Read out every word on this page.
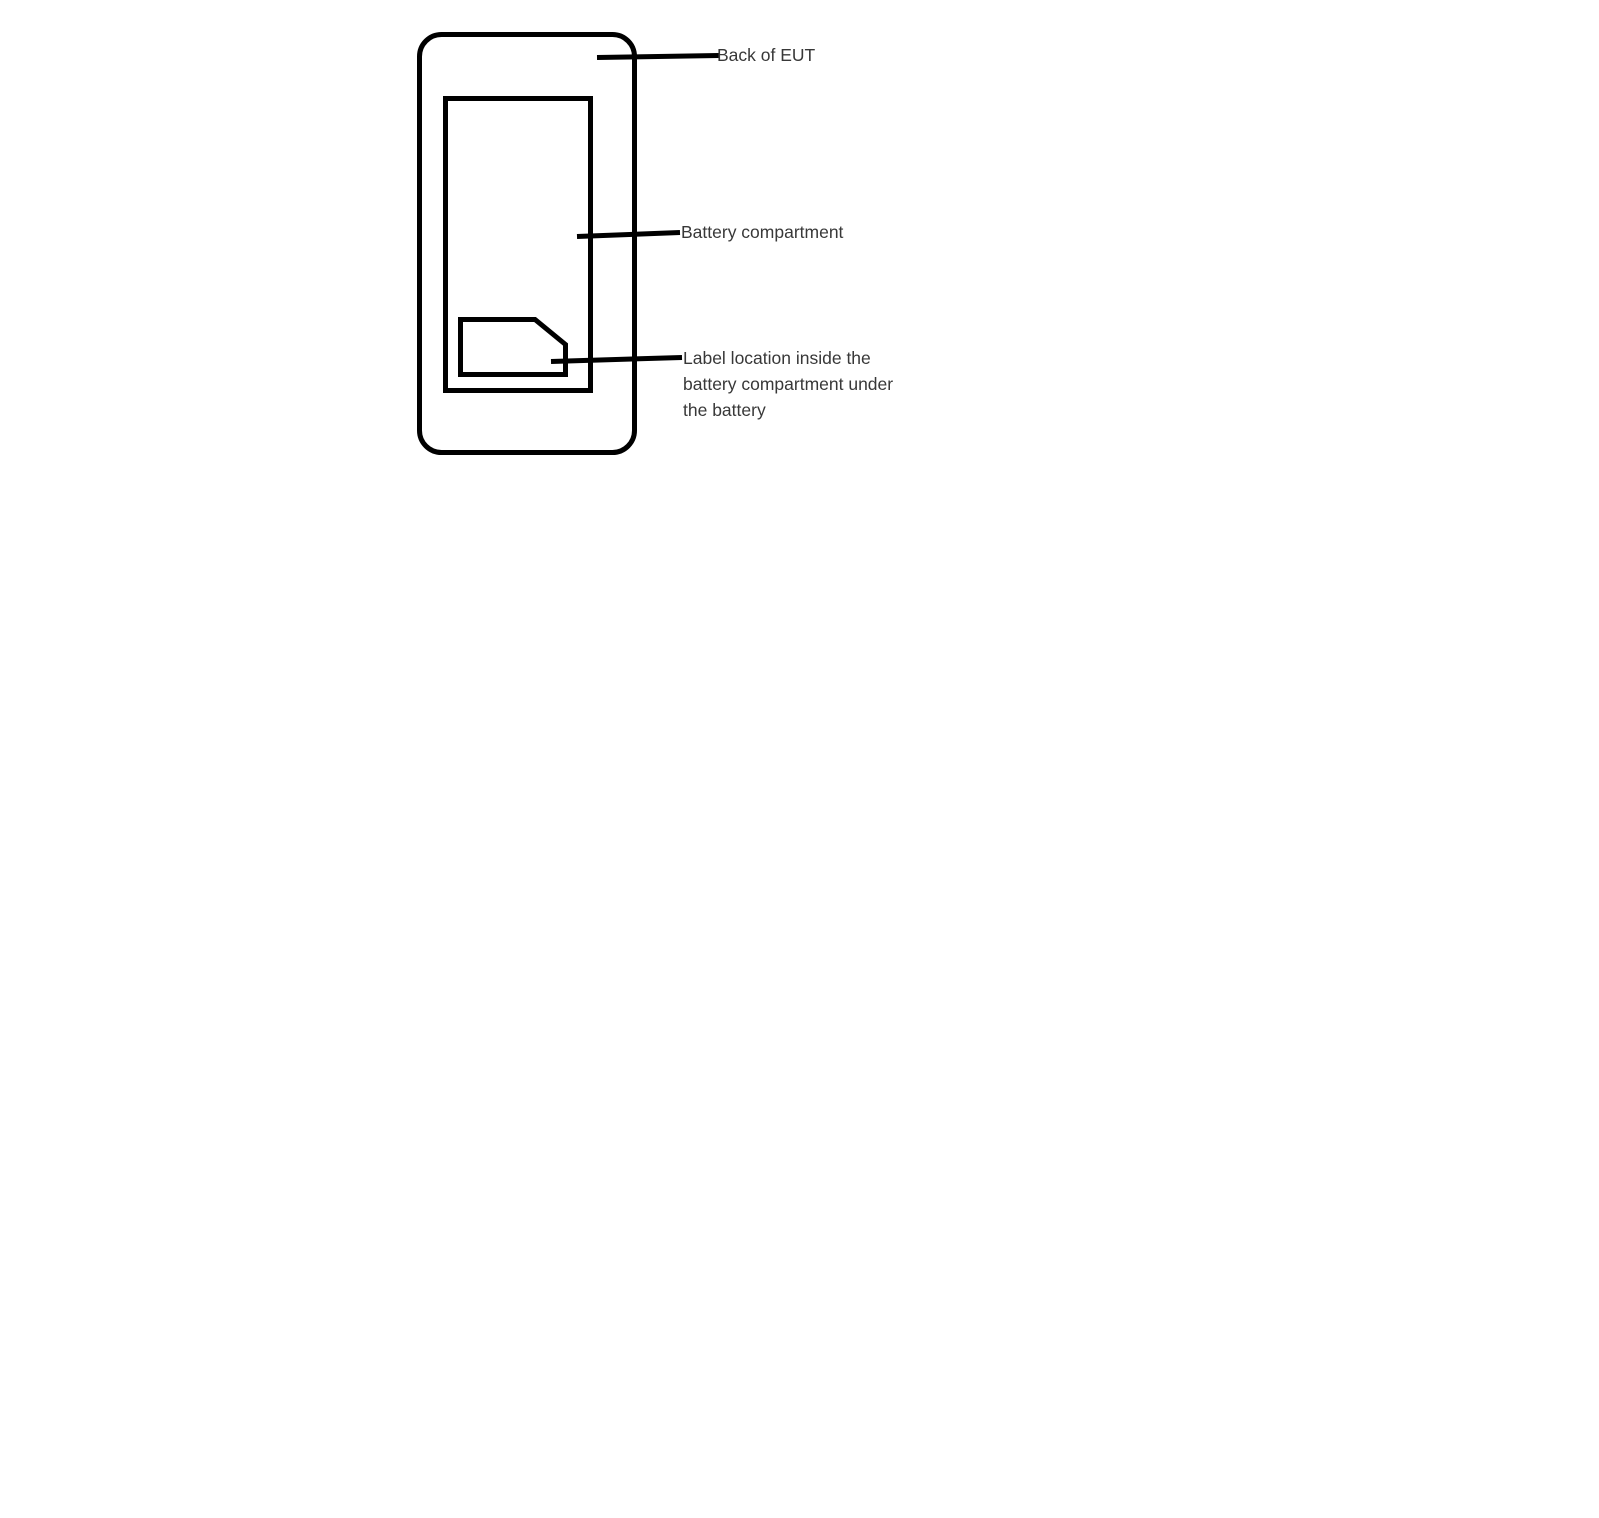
Back of EUT
Battery compartment
Label location inside the
battery compartment under
the battery
